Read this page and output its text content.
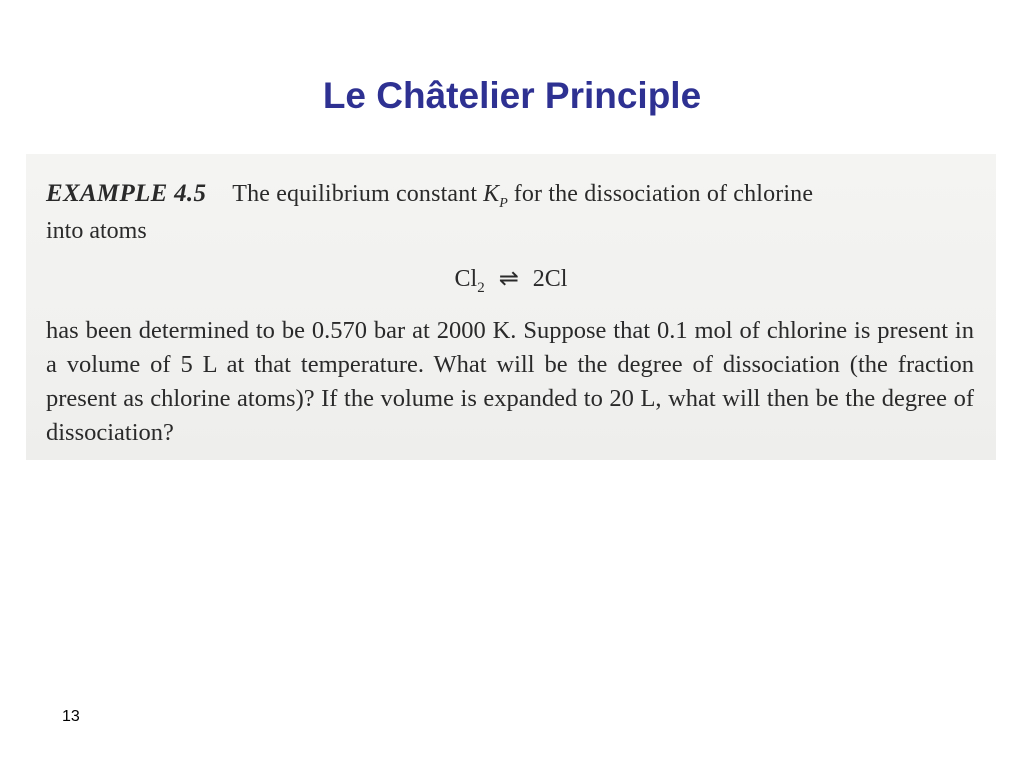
Le Châtelier Principle
EXAMPLE 4.5 The equilibrium constant $K_P$ for the dissociation of chlorine
into atoms
$Cl_2$ ⇌ 2Cl
has been determined to be 0.570 bar at 2000 K. Suppose that 0.1 mol of chlorine is present in a volume of 5 L at that temperature. What will be the degree of dissociation (the fraction present as chlorine atoms)? If the volume is expanded to 20 L, what will then be the degree of dissociation?
13
